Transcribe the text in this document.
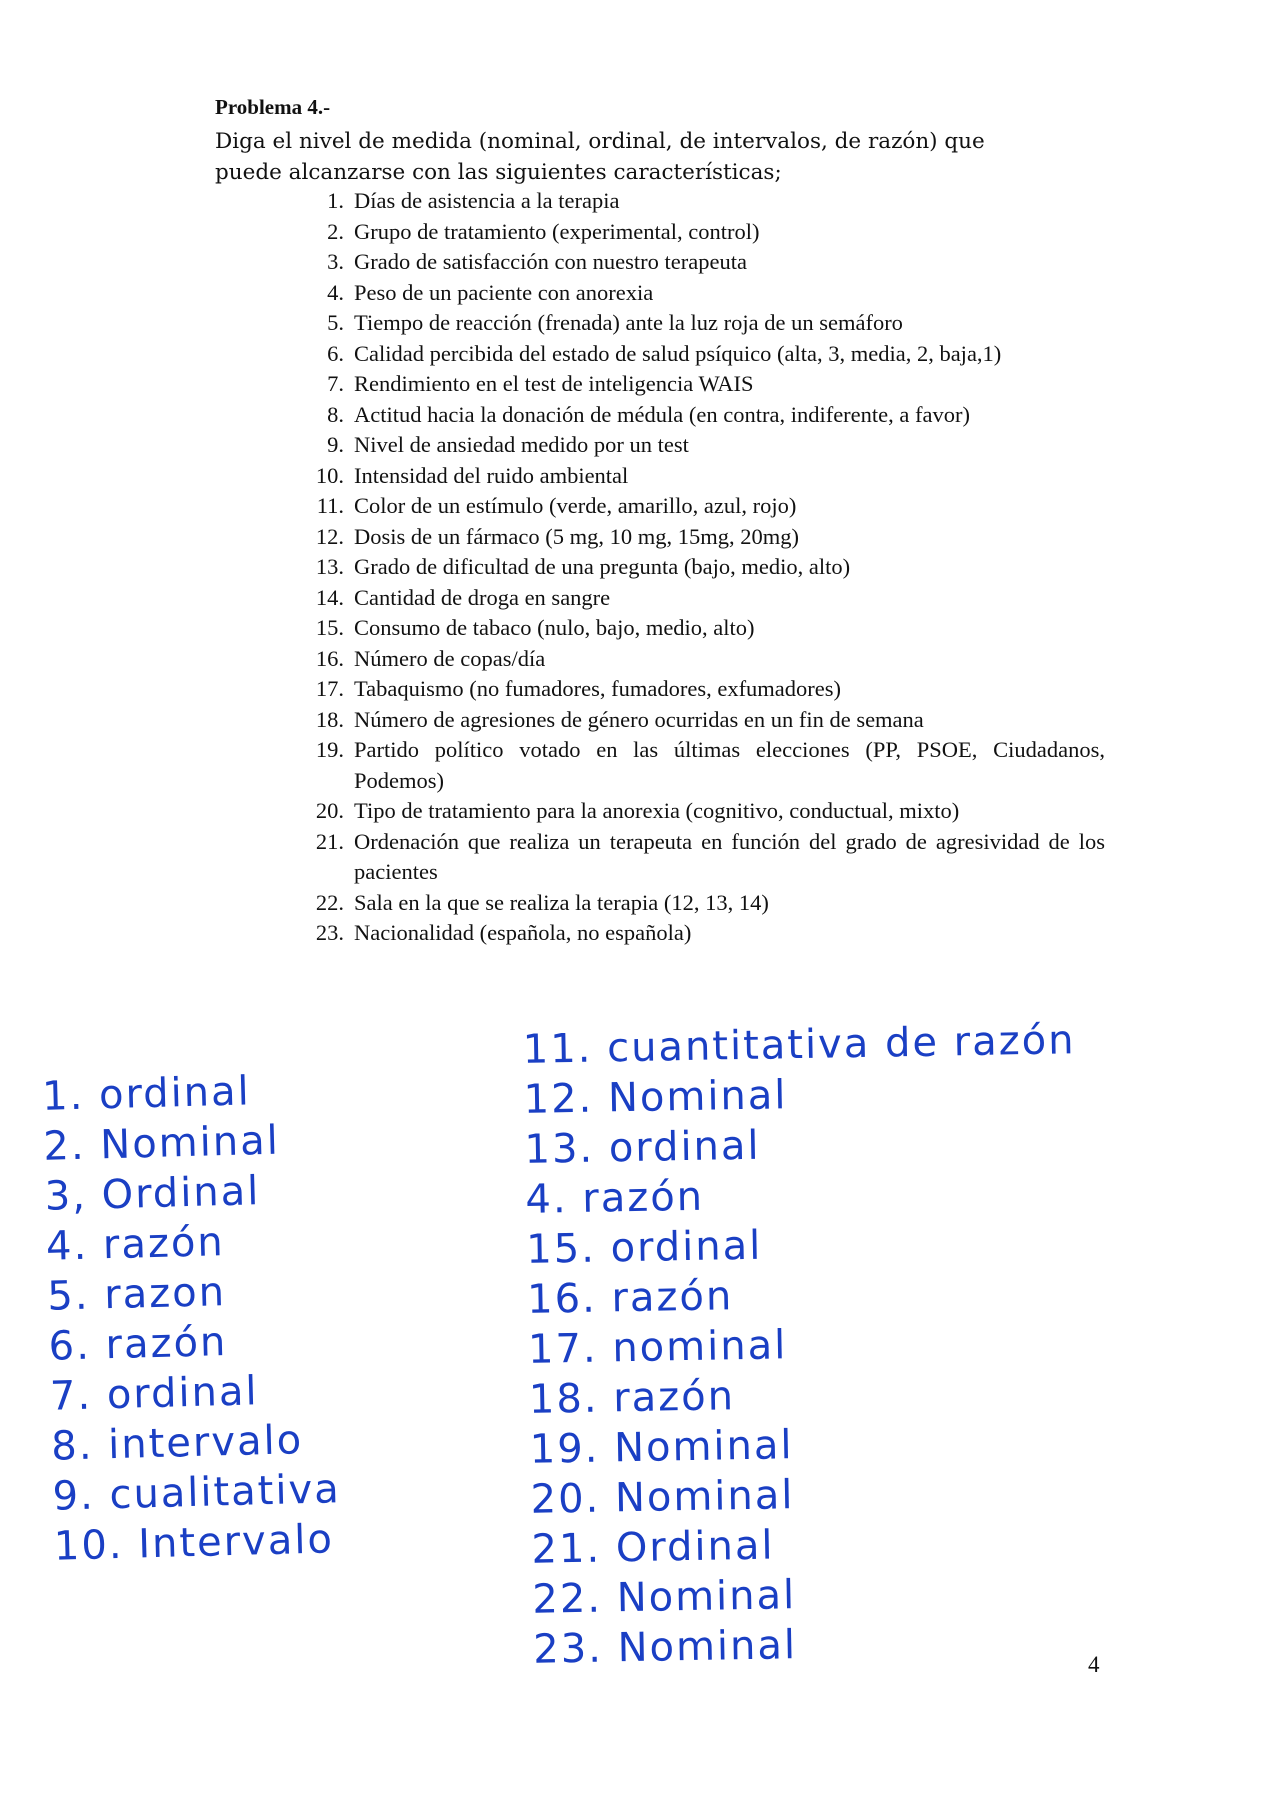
Problema 4.-

Diga el nivel de medida (nominal, ordinal, de intervalos, de razón) que puede alcanzarse con las siguientes características;

1. Días de asistencia a la terapia
2. Grupo de tratamiento (experimental, control)
3. Grado de satisfacción con nuestro terapeuta
4. Peso de un paciente con anorexia
5. Tiempo de reacción (frenada) ante la luz roja de un semáforo
6. Calidad percibida del estado de salud psíquico (alta, 3, media, 2, baja,1)
7. Rendimiento en el test de inteligencia WAIS
8. Actitud hacia la donación de médula (en contra, indiferente, a favor)
9. Nivel de ansiedad medido por un test
10. Intensidad del ruido ambiental
11. Color de un estímulo (verde, amarillo, azul, rojo)
12. Dosis de un fármaco (5 mg, 10 mg, 15mg, 20mg)
13. Grado de dificultad de una pregunta (bajo, medio, alto)
14. Cantidad de droga en sangre
15. Consumo de tabaco (nulo, bajo, medio, alto)
16. Número de copas/día
17. Tabaquismo (no fumadores, fumadores, exfumadores)
18. Número de agresiones de género ocurridas en un fin de semana
19. Partido político votado en las últimas elecciones (PP, PSOE, Ciudadanos, Podemos)
20. Tipo de tratamiento para la anorexia (cognitivo, conductual, mixto)
21. Ordenación que realiza un terapeuta en función del grado de agresividad de los pacientes
22. Sala en la que se realiza la terapia (12, 13, 14)
23. Nacionalidad (española, no española)
1. ordinal
2. Nominal
3, Ordinal
4. razón
5. razon
6. razón
7. ordinal
8. intervalo
9. cualitativa
10. Intervalo
11. cuantitativa de razón
12. Nominal
13. ordinal
4. razón
15. ordinal
16. razón
17. nominal
18. razón
19. Nominal
20. Nominal
21. Ordinal
22. Nominal
23. Nominal	4
